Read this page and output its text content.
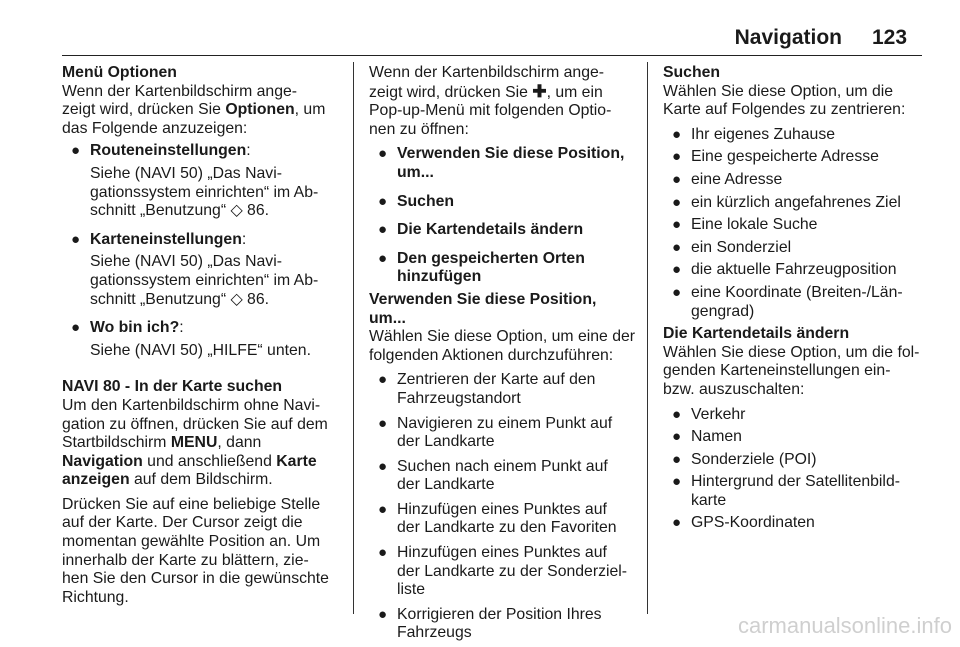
Navigation 123
Menü Optionen
Wenn der Kartenbildschirm ange-
zeigt wird, drücken Sie Optionen, um
das Folgende anzuzeigen:
● Routeneinstellungen:
Siehe (NAVI 50) „Das Navi-
gationssystem einrichten“ im Ab-
schnitt „Benutzung“ ◇ 86.
● Karteneinstellungen:
Siehe (NAVI 50) „Das Navi-
gationssystem einrichten“ im Ab-
schnitt „Benutzung“ ◇ 86.
● Wo bin ich?:
Siehe (NAVI 50) „HILFE“ unten.
NAVI 80 - In der Karte suchen
Um den Kartenbildschirm ohne Navi-
gation zu öffnen, drücken Sie auf dem
Startbildschirm MENU, dann
Navigation und anschließend Karte
anzeigen auf dem Bildschirm.
Drücken Sie auf eine beliebige Stelle
auf der Karte. Der Cursor zeigt die
momentan gewählte Position an. Um
innerhalb der Karte zu blättern, zie-
hen Sie den Cursor in die gewünschte
Richtung.
Wenn der Kartenbildschirm ange-
zeigt wird, drücken Sie ✚, um ein
Pop-up-Menü mit folgenden Optio-
nen zu öffnen:
● Verwenden Sie diese Position,
um...
● Suchen
● Die Kartendetails ändern
● Den gespeicherten Orten
hinzufügen
Verwenden Sie diese Position, um...
Wählen Sie diese Option, um eine der
folgenden Aktionen durchzuführen:
● Zentrieren der Karte auf den
Fahrzeugstandort
● Navigieren zu einem Punkt auf
der Landkarte
● Suchen nach einem Punkt auf
der Landkarte
● Hinzufügen eines Punktes auf
der Landkarte zu den Favoriten
● Hinzufügen eines Punktes auf
der Landkarte zu der Sonderziel-
liste
● Korrigieren der Position Ihres
Fahrzeugs
Suchen
Wählen Sie diese Option, um die
Karte auf Folgendes zu zentrieren:
● Ihr eigenes Zuhause
● Eine gespeicherte Adresse
● eine Adresse
● ein kürzlich angefahrenes Ziel
● Eine lokale Suche
● ein Sonderziel
● die aktuelle Fahrzeugposition
● eine Koordinate (Breiten-/Län-
gengrad)
Die Kartendetails ändern
Wählen Sie diese Option, um die fol-
genden Karteneinstellungen ein-
bzw. auszuschalten:
● Verkehr
● Namen
● Sonderziele (POI)
● Hintergrund der Satellitenbild-
karte
● GPS-Koordinaten
carmanualsonline.info
